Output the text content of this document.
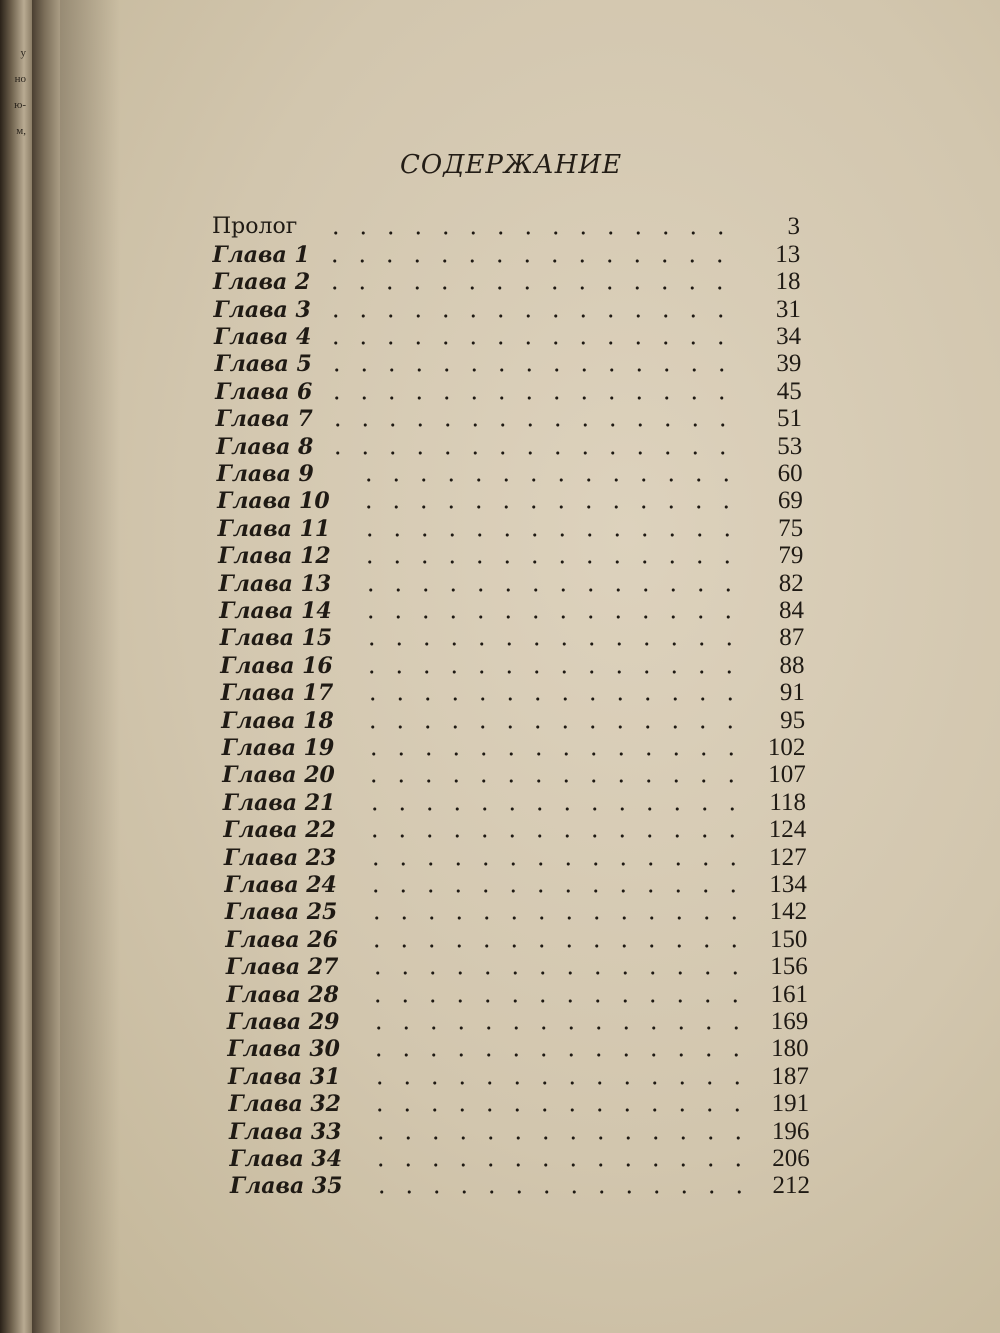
у
но
ю-
м,
СОДЕРЖАНИЕ
Пролог	3
Глава 1	13
Глава 2	18
Глава 3	31
Глава 4	34
Глава 5	39
Глава 6	45
Глава 7	51
Глава 8	53
Глава 9	60
Глава 10	69
Глава 11	75
Глава 12	79
Глава 13	82
Глава 14	84
Глава 15	87
Глава 16	88
Глава 17	91
Глава 18	95
Глава 19	102
Глава 20	107
Глава 21	118
Глава 22	124
Глава 23	127
Глава 24	134
Глава 25	142
Глава 26	150
Глава 27	156
Глава 28	161
Глава 29	169
Глава 30	180
Глава 31	187
Глава 32	191
Глава 33	196
Глава 34	206
Глава 35	212
